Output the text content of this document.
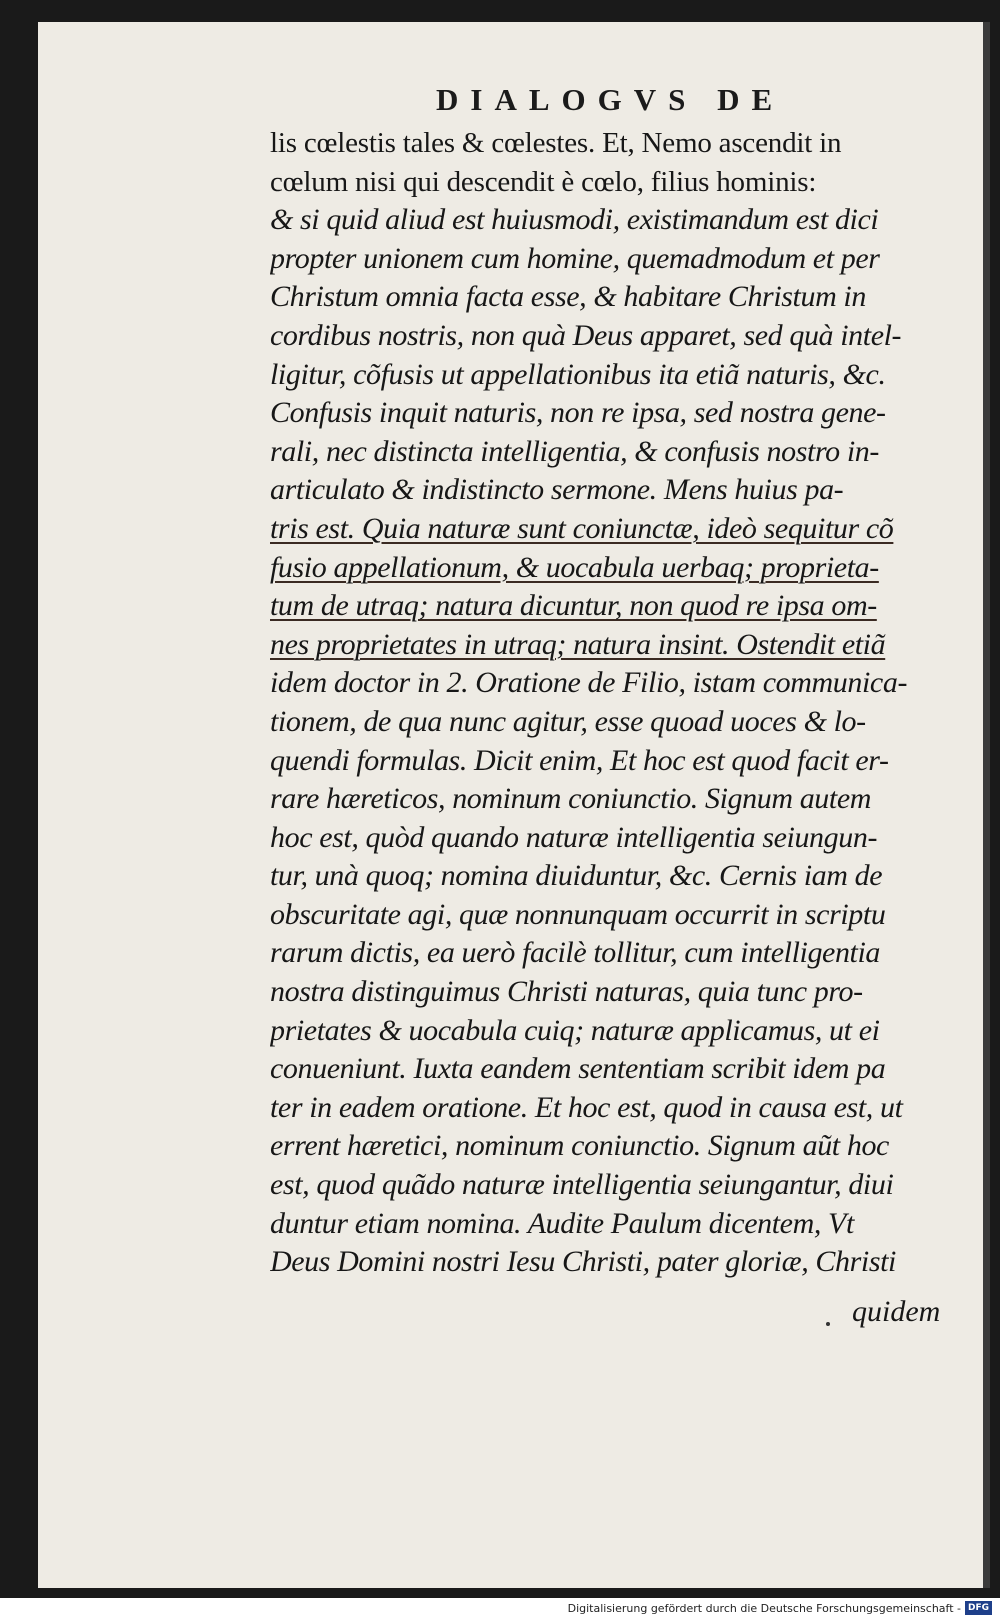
DIALOGVS DE
lis cœlestis tales & cœlestes. Et, Nemo ascendit in
cœlum nisi qui descendit è cœlo, filius hominis:
& si quid aliud est huiusmodi, existimandum est dici
propter unionem cum homine, quemadmodum et per
Christum omnia facta esse, & habitare Christum in
cordibus nostris, non quà Deus apparet, sed quà intel-
ligitur, cõfusis ut appellationibus ita etiã naturis, &c.
Confusis inquit naturis, non re ipsa, sed nostra gene-
rali, nec distincta intelligentia, & confusis nostro in-
articulato & indistincto sermone. Mens huius pa-
tris est. Quia naturæ sunt coniunctæ, ideò sequitur cõ
fusio appellationum, & uocabula uerbaq; proprieta-
tum de utraq; natura dicuntur, non quod re ipsa om-
nes proprietates in utraq; natura insint. Ostendit etiã
idem doctor in 2. Oratione de Filio, istam communica-
tionem, de qua nunc agitur, esse quoad uoces & lo-
quendi formulas. Dicit enim, Et hoc est quod facit er-
rare hæreticos, nominum coniunctio. Signum autem
hoc est, quòd quando naturæ intelligentia seiungun-
tur, unà quoq; nomina diuiduntur, &c. Cernis iam de
obscuritate agi, quæ nonnunquam occurrit in scriptu
rarum dictis, ea uerò facilè tollitur, cum intelligentia
nostra distinguimus Christi naturas, quia tunc pro-
prietates & uocabula cuiq; naturæ applicamus, ut ei
conueniunt. Iuxta eandem sententiam scribit idem pa
ter in eadem oratione. Et hoc est, quod in causa est, ut
errent hæretici, nominum coniunctio. Signum aũt hoc
est, quod quãdo naturæ intelligentia seiungantur, diui
duntur etiam nomina. Audite Paulum dicentem, Vt
Deus Domini nostri Iesu Christi, pater gloriæ, Christi
quidem
Digitalisierung gefördert durch die Deutsche Forschungsgemeinschaft - DFG
